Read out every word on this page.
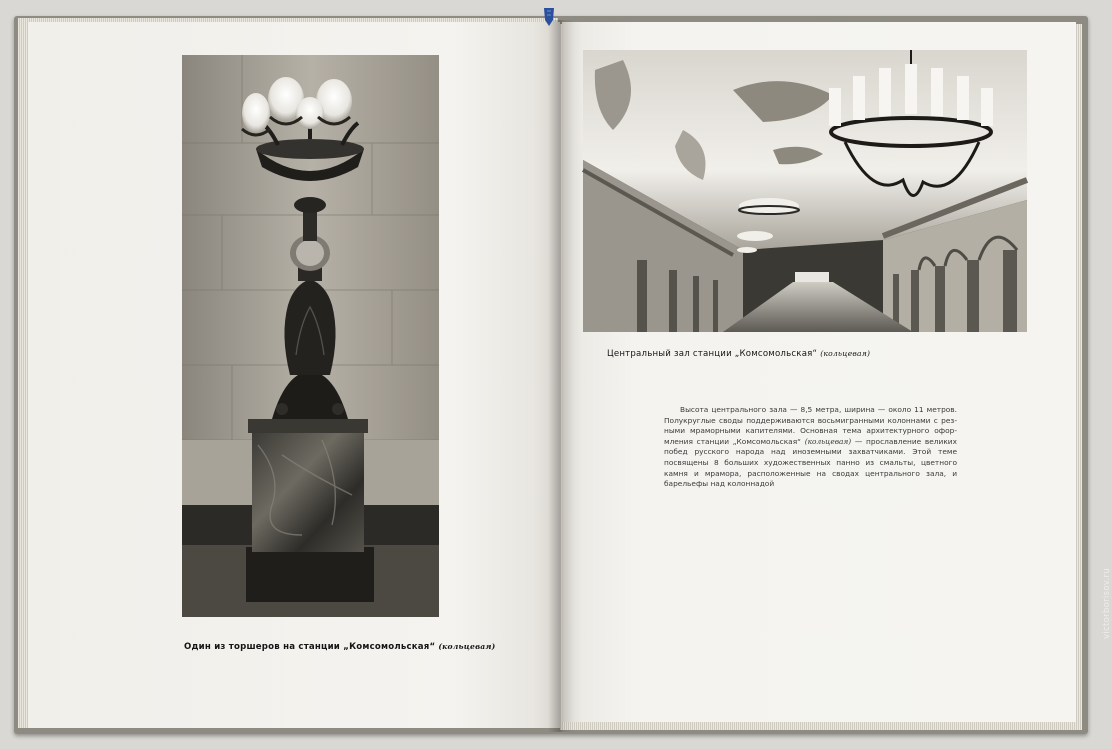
Один из торшеров на станции „Комсомольская“ (кольцевая)
Центральный зал станции „Комсомольская“ (кольцевая)
Высота центрального зала — 8,5 метра, ширина — около 11 метров.
Полукруглые своды поддерживаются восьмигранными колоннами с рез-
ными мраморными капителями. Основная тема архитектурного офор-
мления станции „Комсомольская“ (кольцевая) — прославление великих
побед русского народа над иноземными захватчиками. Этой теме
посвящены 8 больших художественных панно из смальты, цветного
камня и мрамора, расположенные на сводах центрального зала, и
барельефы над колоннадой
victorborisov.ru
